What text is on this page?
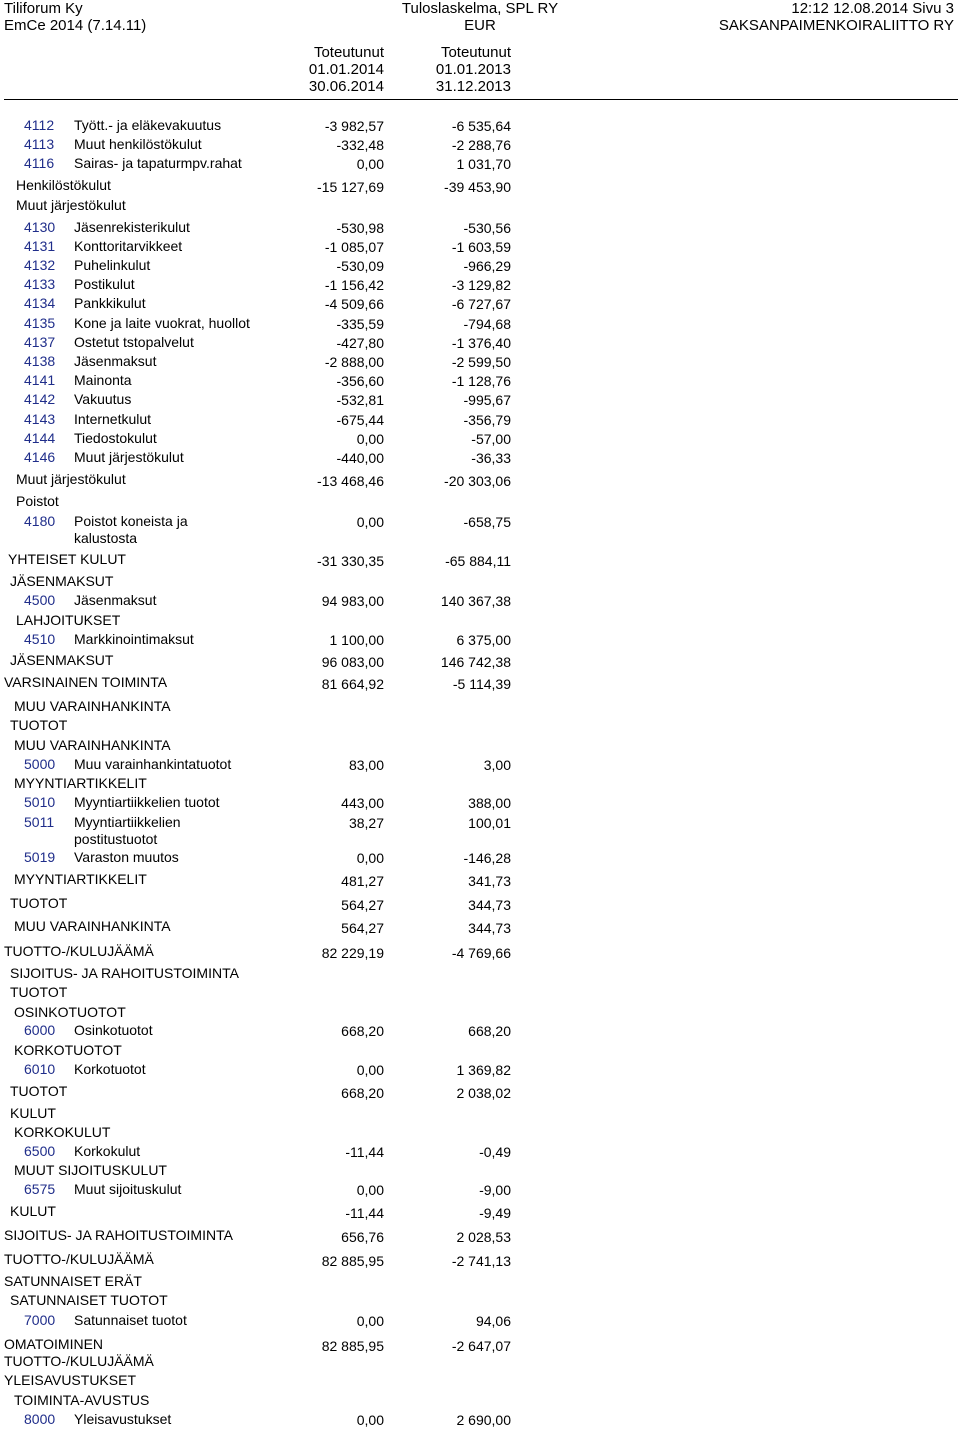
Tiliforum Ky
EmCe 2014 (7.14.11)
Tuloslaskelma, SPL RY
EUR
12:12 12.08.2014 Sivu 3
SAKSANPAIMENKOIRALIITTO RY
Toteutunut
01.01.2014
30.06.2014
Toteutunut
01.01.2013
31.12.2013
4112 Tyött.- ja eläkevakuutus	-3 982,57	-6 535,64
4113 Muut henkilöstökulut	-332,48	-2 288,76
4116 Sairas- ja tapaturmpv.rahat	0,00	1 031,70
Henkilöstökulut	-15 127,69	-39 453,90
Muut järjestökulut
4130 Jäsenrekisterikulut	-530,98	-530,56
4131 Konttoritarvikkeet	-1 085,07	-1 603,59
4132 Puhelinkulut	-530,09	-966,29
4133 Postikulut	-1 156,42	-3 129,82
4134 Pankkikulut	-4 509,66	-6 727,67
4135 Kone ja laite vuokrat, huollot	-335,59	-794,68
4137 Ostetut tstopalvelut	-427,80	-1 376,40
4138 Jäsenmaksut	-2 888,00	-2 599,50
4141 Mainonta	-356,60	-1 128,76
4142 Vakuutus	-532,81	-995,67
4143 Internetkulut	-675,44	-356,79
4144 Tiedostokulut	0,00	-57,00
4146 Muut järjestökulut	-440,00	-36,33
Muut järjestökulut	-13 468,46	-20 303,06
Poistot
4180 Poistot koneista ja kalustosta
0,00	-658,75
YHTEISET KULUT	-31 330,35	-65 884,11
JÄSENMAKSUT
4500 Jäsenmaksut	94 983,00	140 367,38
LAHJOITUKSET
4510 Markkinointimaksut	1 100,00	6 375,00
JÄSENMAKSUT	96 083,00	146 742,38
VARSINAINEN TOIMINTA	81 664,92	-5 114,39
MUU VARAINHANKINTA
TUOTOT
MUU VARAINHANKINTA
5000 Muu varainhankintatuotot	83,00	3,00
MYYNTIARTIKKELIT
5010 Myyntiartiikkelien tuotot	443,00	388,00
5011 Myyntiartiikkelien postitustuotot
38,27	100,01
5019 Varaston muutos	0,00	-146,28
MYYNTIARTIKKELIT	481,27	341,73
TUOTOT	564,27	344,73
MUU VARAINHANKINTA	564,27	344,73
TUOTTO-/KULUJÄÄMÄ	82 229,19	-4 769,66
SIJOITUS- JA RAHOITUSTOIMINTA
TUOTOT
OSINKOTUOTOT
6000 Osinkotuotot	668,20	668,20
KORKOTUOTOT
6010 Korkotuotot	0,00	1 369,82
TUOTOT	668,20	2 038,02
KULUT
KORKOKULUT
6500 Korkokulut	-11,44	-0,49
MUUT SIJOITUSKULUT
6575 Muut sijoituskulut	0,00	-9,00
KULUT	-11,44	-9,49
SIJOITUS- JA RAHOITUSTOIMINTA	656,76	2 028,53
TUOTTO-/KULUJÄÄMÄ	82 885,95	-2 741,13
SATUNNAISET ERÄT
SATUNNAISET TUOTOT
7000 Satunnaiset tuotot	0,00	94,06
OMATOIMINEN	82 885,95	-2 647,07
TUOTTO-/KULUJÄÄMÄ
YLEISAVUSTUKSET
TOIMINTA-AVUSTUS
8000 Yleisavustukset	0,00	2 690,00
